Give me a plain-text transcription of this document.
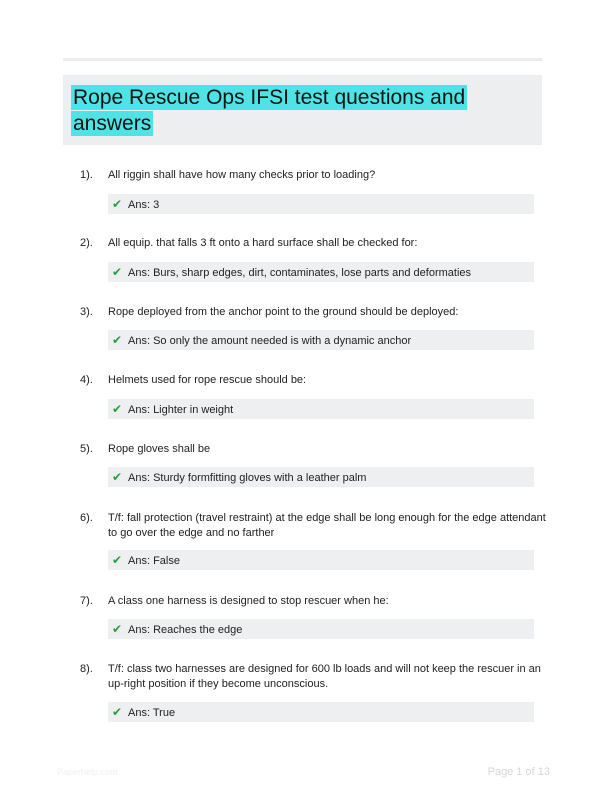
Rope Rescue Ops IFSI test questions and answers
1). All riggin shall have how many checks prior to loading?
✔ Ans: 3
2). All equip. that falls 3 ft onto a hard surface shall be checked for:
✔ Ans: Burs, sharp edges, dirt, contaminates, lose parts and deformaties
3). Rope deployed from the anchor point to the ground should be deployed:
✔ Ans: So only the amount needed is with a dynamic anchor
4). Helmets used for rope rescue should be:
✔ Ans: Lighter in weight
5). Rope gloves shall be
✔ Ans: Sturdy formfitting gloves with a leather palm
6). T/f: fall protection (travel restraint) at the edge shall be long enough for the edge attendant to go over the edge and no farther
✔ Ans: False
7). A class one harness is designed to stop rescuer when he:
✔ Ans: Reaches the edge
8). T/f: class two harnesses are designed for 600 lb loads and will not keep the rescuer in an up-right position if they become unconscious.
✔ Ans: True
Paperhelp.com	Page 1 of 13
